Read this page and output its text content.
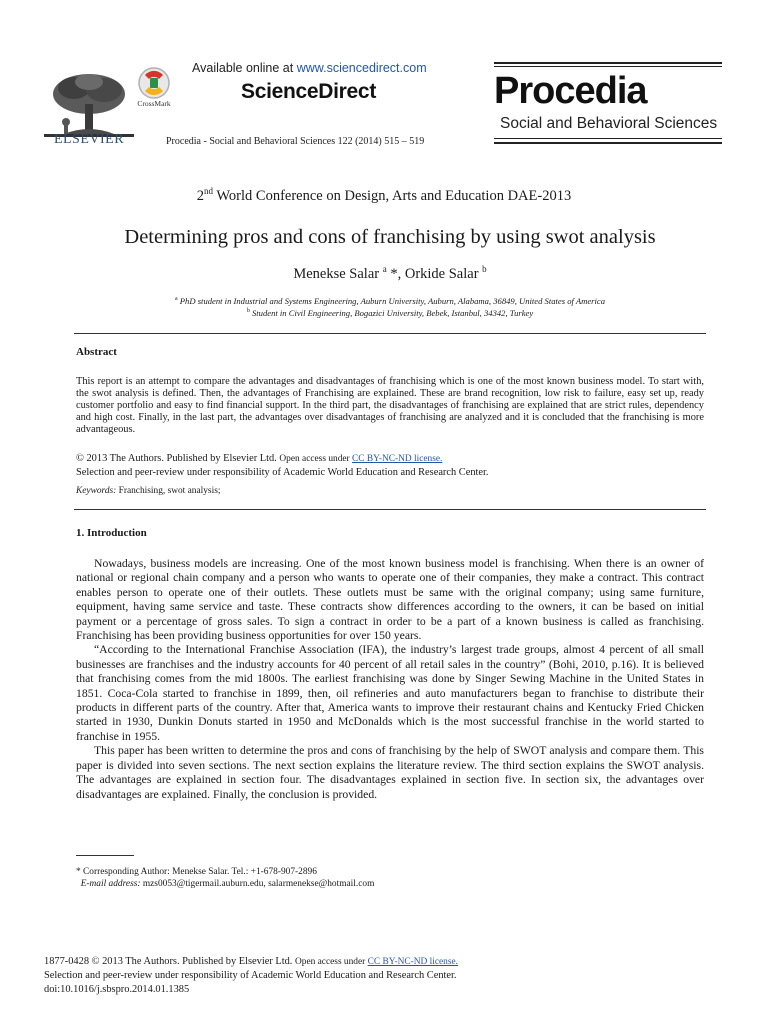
ELSEVIER
CrossMark
Available online at www.sciencedirect.com
ScienceDirect
Procedia - Social and Behavioral Sciences 122 (2014) 515 – 519
Procedia
Social and Behavioral Sciences
2nd World Conference on Design, Arts and Education DAE-2013
Determining pros and cons of franchising by using swot analysis
Menekse Salar $^a$ *, Orkide Salar $^b$
$^a$ PhD student in Industrial and Systems Engineering, Auburn University, Auburn, Alabama, 36849, United States of America
$^b$ Student in Civil Engineering, Bogazici University, Bebek, Istanbul, 34342, Turkey
Abstract
This report is an attempt to compare the advantages and disadvantages of franchising which is one of the most known business model. To start with, the swot analysis is defined. Then, the advantages of Franchising are explained. These are brand recognition, low risk to failure, easy set up, ready customer portfolio and easy to find financial support. In the third part, the disadvantages of franchising are explained that are strict rules, dependency and high cost. Finally, in the last part, the advantages over disadvantages of franchising are analyzed and it is concluded that the franchising is more advantageous.
© 2013 The Authors. Published by Elsevier Ltd. Open access under CC BY-NC-ND license.
Selection and peer-review under responsibility of Academic World Education and Research Center.
Keywords: Franchising, swot analysis;
1. Introduction

Nowadays, business models are increasing. One of the most known business model is franchising. When there is an owner of national or regional chain company and a person who wants to operate one of their companies, they make a contract. This contract enables person to operate one of their outlets. These outlets must be same with the original company; using same furniture, equipment, having same service and taste. These contracts show differences according to the owners, it can be based on initial payment or a percentage of gross sales. To sign a contract in order to be a part of a known business is called as franchising. Franchising has been providing business opportunities for over 150 years.

“According to the International Franchise Association (IFA), the industry’s largest trade groups, almost 4 percent of all small businesses are franchises and the industry accounts for 40 percent of all retail sales in the country” (Bohi, 2010, p.16). It is believed that franchising comes from the mid 1800s. The earliest franchising was done by Singer Sewing Machine in the United States in 1851. Coca-Cola started to franchise in 1899, then, oil refineries and auto manufacturers began to franchise to distribute their products in different parts of the country. After that, America wants to improve their restaurant chains and Kentucky Fried Chicken started in 1930, Dunkin Donuts started in 1950 and McDonalds which is the most successful franchise in the world started to franchise in 1955.

This paper has been written to determine the pros and cons of franchising by the help of SWOT analysis and compare them. This paper is divided into seven sections. The next section explains the literature review. The third section explains the SWOT analysis. The advantages are explained in section four. The disadvantages explained in section five. In section six, the advantages over disadvantages are explained. Finally, the conclusion is provided.

* Corresponding Author: Menekse Salar. Tel.: +1-678-907-2896
E-mail address: mzs0053@tigermail.auburn.edu, salarmenekse@hotmail.com
1877-0428 © 2013 The Authors. Published by Elsevier Ltd. Open access under CC BY-NC-ND license.
Selection and peer-review under responsibility of Academic World Education and Research Center.
doi:10.1016/j.sbspro.2014.01.1385
